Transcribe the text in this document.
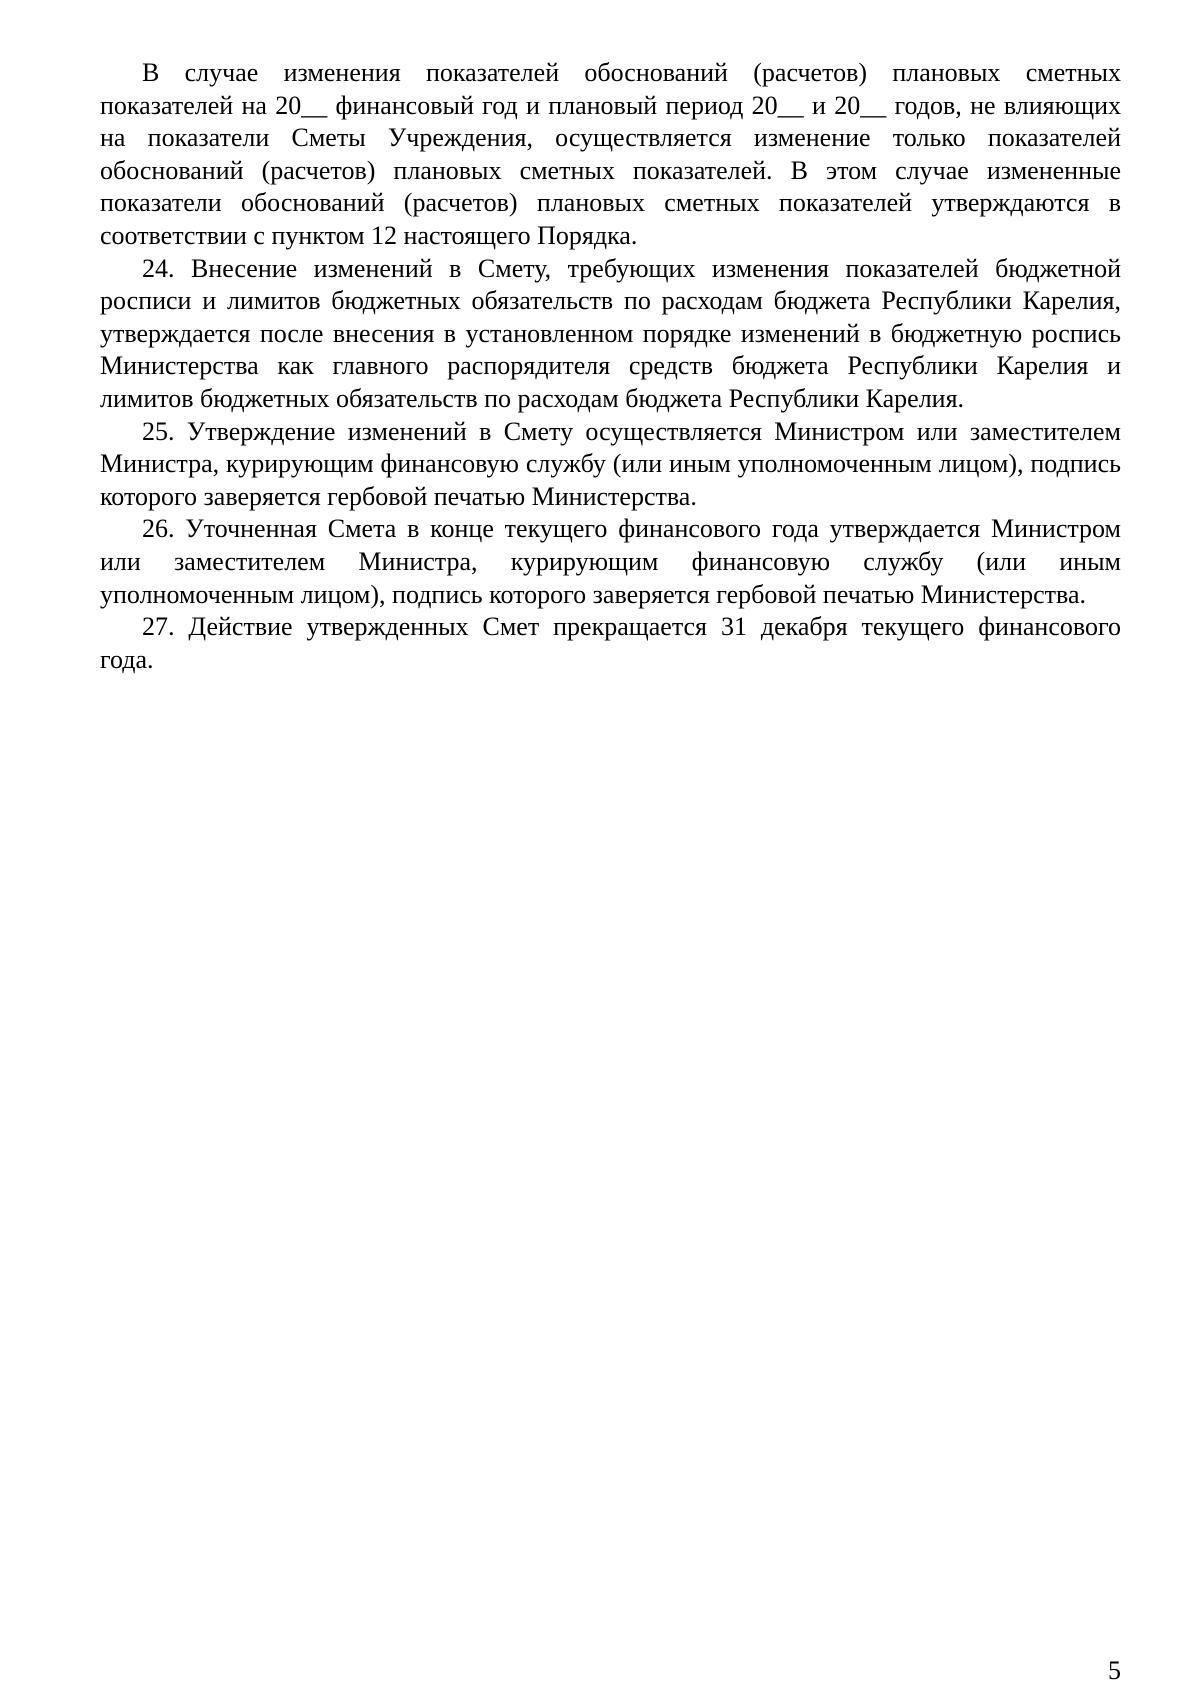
В случае изменения показателей обоснований (расчетов) плановых сметных показателей на 20__ финансовый год и плановый период 20__ и 20__ годов, не влияющих на показатели Сметы Учреждения, осуществляется изменение только показателей обоснований (расчетов) плановых сметных показателей. В этом случае измененные показатели обоснований (расчетов) плановых сметных показателей утверждаются в соответствии с пунктом 12 настоящего Порядка.

24. Внесение изменений в Смету, требующих изменения показателей бюджетной росписи и лимитов бюджетных обязательств по расходам бюджета Республики Карелия, утверждается после внесения в установленном порядке изменений в бюджетную роспись Министерства как главного распорядителя средств бюджета Республики Карелия и лимитов бюджетных обязательств по расходам бюджета Республики Карелия.

25. Утверждение изменений в Смету осуществляется Министром или заместителем Министра, курирующим финансовую службу (или иным уполномоченным лицом), подпись которого заверяется гербовой печатью Министерства.

26. Уточненная Смета в конце текущего финансового года утверждается Министром или заместителем Министра, курирующим финансовую службу (или иным уполномоченным лицом), подпись которого заверяется гербовой печатью Министерства.

27. Действие утвержденных Смет прекращается 31 декабря текущего финансового года.

5
